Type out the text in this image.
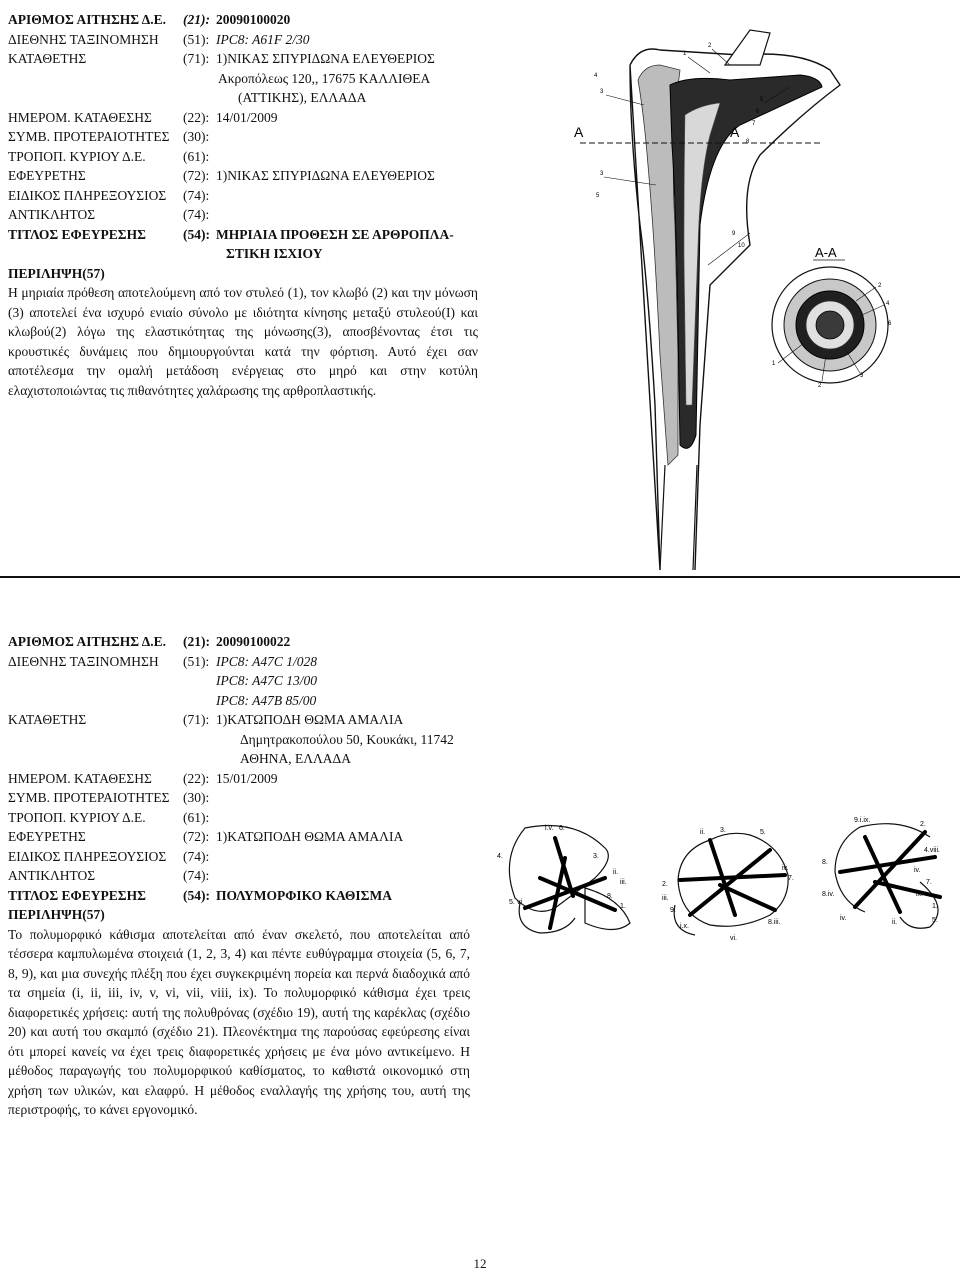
ΑΡΙΘΜΟΣ ΑΙΤΗΣΗΣ Δ.Ε. (21): 20090100020
ΔΙΕΘΝΗΣ ΤΑΞΙΝΟΜΗΣΗ (51): IPC8: A61F 2/30
ΚΑΤΑΘΕΤΗΣ	(71): 1)ΝΙΚΑΣ ΣΠΥΡΙΔΩΝΑ ΕΛΕΥΘΕΡΙΟΣ
Ακροπόλεως 120,, 17675 ΚΑΛΛΙΘΕΑ
(ΑΤΤΙΚΗΣ), ΕΛΛΑΔΑ
ΗΜΕΡΟΜ. ΚΑΤΑΘΕΣΗΣ (22): 14/01/2009
ΣΥΜΒ. ΠΡΟΤΕΡΑΙΟΤΗΤΕΣ (30):
ΤΡΟΠΟΠ. ΚΥΡΙΟΥ Δ.Ε.	(61):
ΕΦΕΥΡΕΤΗΣ	(72): 1)ΝΙΚΑΣ ΣΠΥΡΙΔΩΝΑ ΕΛΕΥΘΕΡΙΟΣ
ΕΙΔΙΚΟΣ ΠΛΗΡΕΞΟΥΣΙΟΣ (74):
ΑΝΤΙΚΛΗΤΟΣ	(74):
ΤΙΤΛΟΣ ΕΦΕΥΡΕΣΗΣ	(54): ΜΗΡΙΑΙΑ ΠΡΟΘΕΣΗ ΣΕ ΑΡΘΡΟΠΛΑ-
ΣΤΙΚΗ ΙΣΧΙΟΥ
ΠΕΡΙΛΗΨΗ(57)
Η μηριαία πρόθεση αποτελούμενη από τον στυλεό (1), τον κλωβό (2) και την μόνωση (3) αποτελεί ένα ισχυρό ενιαίο σύνολο με ιδιότητα κίνησης μεταξύ στυλεού(Ι) και κλωβού(2) λόγω της ελαστικότητας της μόνωσης(3), αποσβένοντας έτσι τις κρουστικές δυνάμεις που δημιουργούνται κατά την φόρτιση. Αυτό έχει σαν αποτέλεσμα την ομαλή μετάδοση ενέργειας στο μηρό και στην κοτύλη ελαχιστοποιώντας τις πιθανότητες χαλάρωσης της αρθροπλαστικής.
A	A
A-A
1
2
3
4
5
6
7
8
9
10
3
5
2
4
6
1
2
3
ΑΡΙΘΜΟΣ ΑΙΤΗΣΗΣ Δ.Ε. (21): 20090100022
ΔΙΕΘΝΗΣ ΤΑΞΙΝΟΜΗΣΗ (51): IPC8: A47C 1/028
IPC8: A47C 13/00
IPC8: A47B 85/00
ΚΑΤΑΘΕΤΗΣ	(71): 1)ΚΑΤΩΠΟΔΗ ΘΩΜΑ ΑΜΑΛΙΑ
Δημητρακοπούλου 50, Κουκάκι, 11742
ΑΘΗΝΑ, ΕΛΛΑΔΑ
ΗΜΕΡΟΜ. ΚΑΤΑΘΕΣΗΣ (22): 15/01/2009
ΣΥΜΒ. ΠΡΟΤΕΡΑΙΟΤΗΤΕΣ (30):
ΤΡΟΠΟΠ. ΚΥΡΙΟΥ Δ.Ε.	(61):
ΕΦΕΥΡΕΤΗΣ	(72): 1)ΚΑΤΩΠΟΔΗ ΘΩΜΑ ΑΜΑΛΙΑ
ΕΙΔΙΚΟΣ ΠΛΗΡΕΞΟΥΣΙΟΣ (74):
ΑΝΤΙΚΛΗΤΟΣ	(74):
ΤΙΤΛΟΣ ΕΦΕΥΡΕΣΗΣ	(54): ΠΟΛΥΜΟΡΦΙΚΟ ΚΑΘΙΣΜΑ
ΠΕΡΙΛΗΨΗ(57)
Το πολυμορφικό κάθισμα αποτελείται από έναν σκελετό, που αποτελείται από τέσσερα καμπυλωμένα στοιχειά (1, 2, 3, 4) και πέντε ευθύγραμμα στοιχεία (5, 6, 7, 8, 9), και μια συνεχής πλέξη που έχει συγκεκριμένη πορεία και περνά διαδοχικά από τα σημεία (i, ii, iii, iv, v, vi, vii, viii, ix). Το πολυμορφικό κάθισμα έχει τρεις διαφορετικές χρήσεις: αυτή της πολυθρόνας (σχέδιο 19), αυτή της καρέκλας (σχέδιο 20) και αυτή του σκαμπό (σχέδιο 21). Πλεονέκτημα της παρούσας εφεύρεσης είναι ότι μπορεί κανείς να έχει τρεις διαφορετικές χρήσεις με ένα μόνο αντικείμενο. Η μέθοδος παραγωγής του πολυμορφικού καθίσματος, το καθιστά οικονομικό στη χρήση των υλικών, και ελαφρύ. Η μέθοδος εναλλαγής της χρήσης του, αυτή της περιστροφής, το κάνει εργονομικό.
i.v. 6.
4.	3.
5. vi
ii.
iii.
8.
1.
3.
ii.	5.
2.
9.
iii.
iv.
7.
8.iii.
vi.
i.x.
9.i.ix.
2.
4.viii.
8.
iv.
7.
8.iv.	ix.
1.
iv.
ii.	5.
12
